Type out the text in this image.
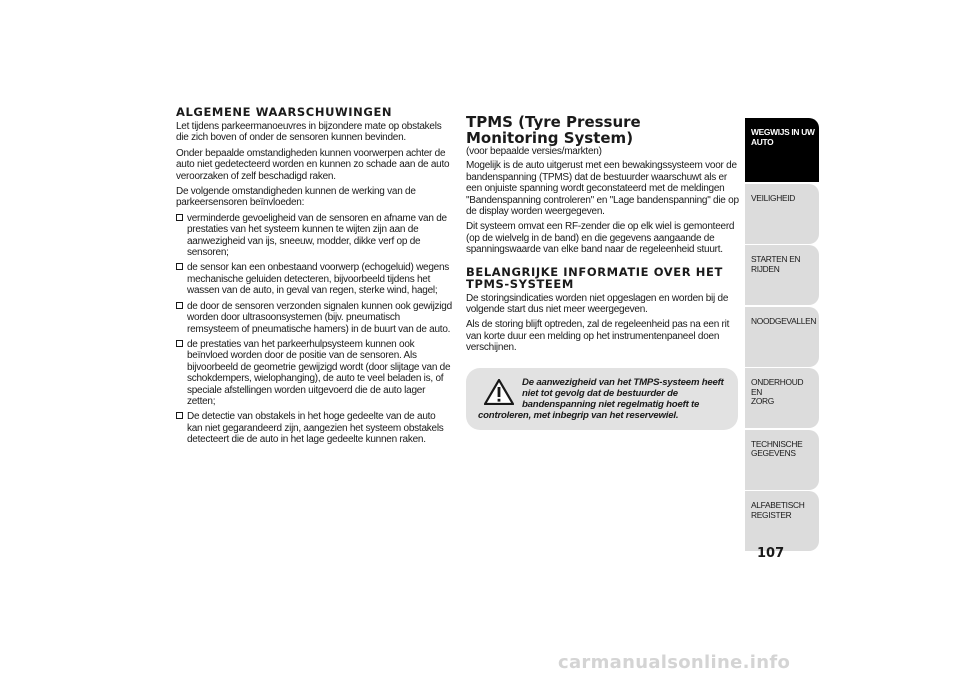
ALGEMENE WAARSCHUWINGEN

Let tijdens parkeermanoeuvres in bijzondere mate op obstakels die zich boven of onder de sensoren kunnen bevinden.

Onder bepaalde omstandigheden kunnen voorwerpen achter de auto niet gedetecteerd worden en kunnen zo schade aan de auto veroorzaken of zelf beschadigd raken.

De volgende omstandigheden kunnen de werking van de parkeersensoren beïnvloeden:

verminderde gevoeligheid van de sensoren en afname van de prestaties van het systeem kunnen te wijten zijn aan de aanwezigheid van ijs, sneeuw, modder, dikke verf op de sensoren;
de sensor kan een onbestaand voorwerp (echogeluid) wegens mechanische geluiden detecteren, bijvoorbeeld tijdens het wassen van de auto, in geval van regen, sterke wind, hagel;
de door de sensoren verzonden signalen kunnen ook gewijzigd worden door ultrasoonsystemen (bijv. pneumatisch remsysteem of pneumatische hamers) in de buurt van de auto.
de prestaties van het parkeerhulpsysteem kunnen ook beïnvloed worden door de positie van de sensoren. Als bijvoorbeeld de geometrie gewijzigd wordt (door slijtage van de schokdempers, wielophanging), de auto te veel beladen is, of speciale afstellingen worden uitgevoerd die de auto lager zetten;
De detectie van obstakels in het hoge gedeelte van de auto kan niet gegarandeerd zijn, aangezien het systeem obstakels detecteert die de auto in het lage gedeelte kunnen raken.
TPMS (Tyre Pressure
Monitoring System)

(voor bepaalde versies/markten)

Mogelijk is de auto uitgerust met een bewakingssysteem voor de bandenspanning (TPMS) dat de bestuurder waarschuwt als er een onjuiste spanning wordt geconstateerd met de meldingen "Bandenspanning controleren" en "Lage bandenspanning" die op de display worden weergegeven.

Dit systeem omvat een RF-zender die op elk wiel is gemonteerd (op de wielvelg in de band) en die gegevens aangaande de spanningswaarde van elke band naar de regeleenheid stuurt.

BELANGRIJKE INFORMATIE OVER HET TPMS-SYSTEEM

De storingsindicaties worden niet opgeslagen en worden bij de volgende start dus niet meer weergegeven.

Als de storing blijft optreden, zal de regeleenheid pas na een rit van korte duur een melding op het instrumentenpaneel doen verschijnen.

De aanwezigheid van het TMPS-systeem heeft niet tot gevolg dat de bestuurder de bandenspanning niet regelmatig hoeft te controleren, met inbegrip van het reservewiel.

WEGWIJS IN UW
AUTO
VEILIGHEID
STARTEN EN RIJDEN
NOODGEVALLEN
ONDERHOUD EN
ZORG
TECHNISCHE
GEGEVENS
ALFABETISCH
REGISTER
107
carmanualsonline.info
